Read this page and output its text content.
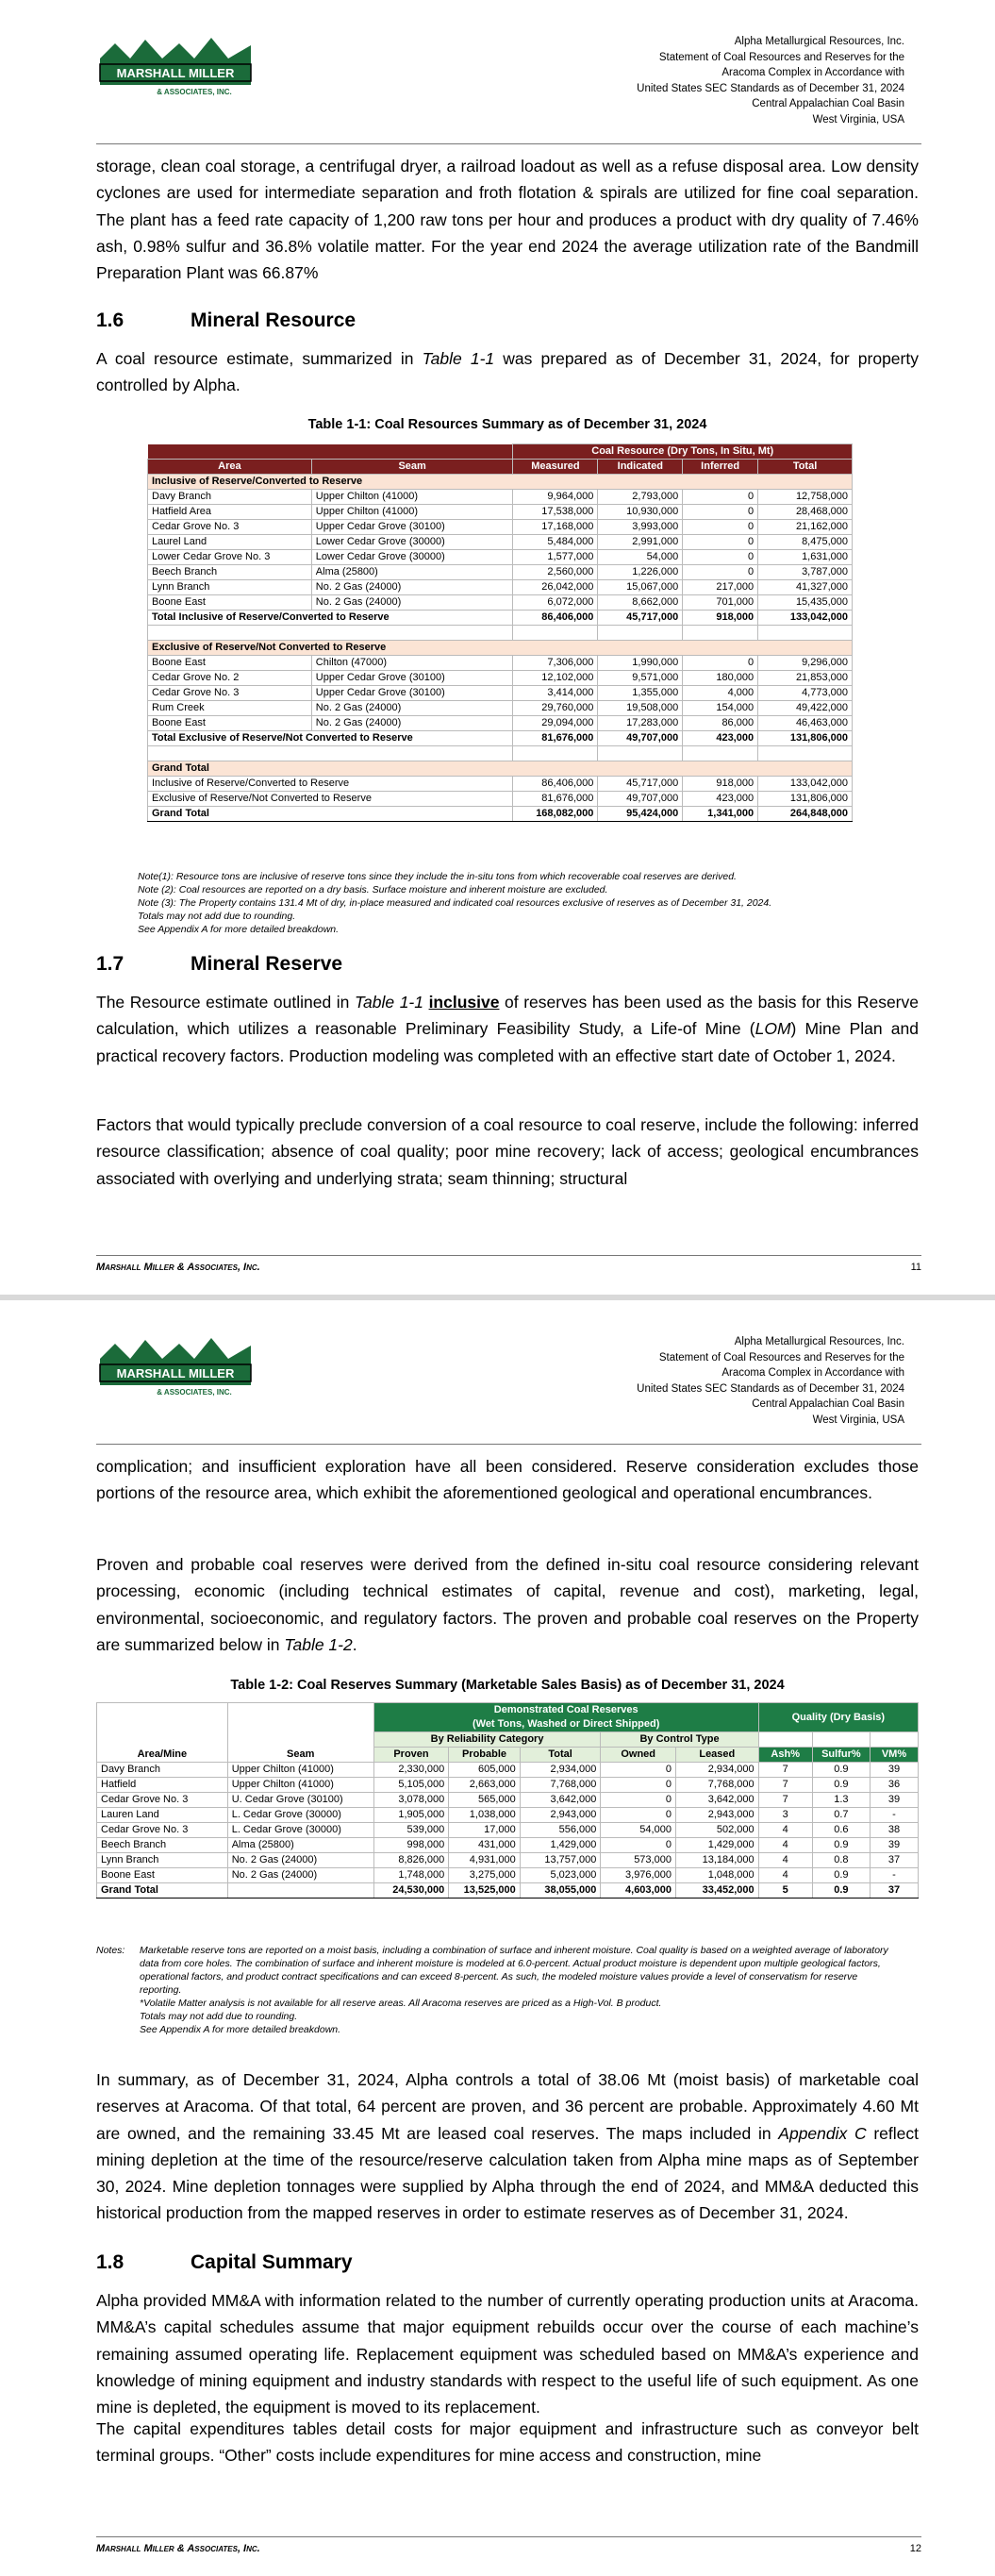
MARSHALL MILLER
& ASSOCIATES, INC.
Alpha Metallurgical Resources, Inc.
Statement of Coal Resources and Reserves for the
Aracoma Complex in Accordance with
United States SEC Standards as of December 31, 2024
Central Appalachian Coal Basin
West Virginia, USA

storage, clean coal storage, a centrifugal dryer, a railroad loadout as well as a refuse disposal area. Low density cyclones are used for intermediate separation and froth flotation & spirals are utilized for fine coal separation. The plant has a feed rate capacity of 1,200 raw tons per hour and produces a product with dry quality of 7.46% ash, 0.98% sulfur and 36.8% volatile matter. For the year end 2024 the average utilization rate of the Bandmill Preparation Plant was 66.87%

1.6	Mineral Resource

A coal resource estimate, summarized in Table 1-1 was prepared as of December 31, 2024, for property controlled by Alpha.

Table 1-1: Coal Resources Summary as of December 31, 2024
		Coal Resource (Dry Tons, In Situ, Mt)			
Area	Seam	Measured	Indicated	Inferred	Total
Inclusive of Reserve/Converted to Reserve					
Davy Branch	Upper Chilton (41000)	9,964,000	2,793,000	0	12,758,000
Hatfield Area	Upper Chilton (41000)	17,538,000	10,930,000	0	28,468,000
Cedar Grove No. 3	Upper Cedar Grove (30100)	17,168,000	3,993,000	0	21,162,000
Laurel Land	Lower Cedar Grove (30000)	5,484,000	2,991,000	0	8,475,000
Lower Cedar Grove No. 3	Lower Cedar Grove (30000)	1,577,000	54,000	0	1,631,000
Beech Branch	Alma (25800)	2,560,000	1,226,000	0	3,787,000
Lynn Branch	No. 2 Gas (24000)	26,042,000	15,067,000	217,000	41,327,000
Boone East	No. 2 Gas (24000)	6,072,000	8,662,000	701,000	15,435,000
Total Inclusive of Reserve/Converted to Reserve		86,406,000	45,717,000	918,000	133,042,000

Exclusive of Reserve/Not Converted to Reserve					
Boone East	Chilton (47000)	7,306,000	1,990,000	0	9,296,000
Cedar Grove No. 2	Upper Cedar Grove (30100)	12,102,000	9,571,000	180,000	21,853,000
Cedar Grove No. 3	Upper Cedar Grove (30100)	3,414,000	1,355,000	4,000	4,773,000
Rum Creek	No. 2 Gas (24000)	29,760,000	19,508,000	154,000	49,422,000
Boone East	No. 2 Gas (24000)	29,094,000	17,283,000	86,000	46,463,000
Total Exclusive of Reserve/Not Converted to Reserve		81,676,000	49,707,000	423,000	131,806,000

Grand Total					
Inclusive of Reserve/Converted to Reserve		86,406,000	45,717,000	918,000	133,042,000
Exclusive of Reserve/Not Converted to Reserve		81,676,000	49,707,000	423,000	131,806,000
Grand Total		168,082,000	95,424,000	1,341,000	264,848,000
Note(1): Resource tons are inclusive of reserve tons since they include the in-situ tons from which recoverable coal reserves are derived.
Note (2): Coal resources are reported on a dry basis. Surface moisture and inherent moisture are excluded.
Note (3): The Property contains 131.4 Mt of dry, in-place measured and indicated coal resources exclusive of reserves as of December 31, 2024.
Totals may not add due to rounding.
See Appendix A for more detailed breakdown.
1.7	Mineral Reserve

The Resource estimate outlined in Table 1-1 inclusive of reserves has been used as the basis for this Reserve calculation, which utilizes a reasonable Preliminary Feasibility Study, a Life-of Mine (LOM) Mine Plan and practical recovery factors. Production modeling was completed with an effective start date of October 1, 2024.

Factors that would typically preclude conversion of a coal resource to coal reserve, include the following: inferred resource classification; absence of coal quality; poor mine recovery; lack of access; geological encumbrances associated with overlying and underlying strata; seam thinning; structural

Marshall Miller & Associates, Inc.	11
MARSHALL MILLER
& ASSOCIATES, INC.
Alpha Metallurgical Resources, Inc.
Statement of Coal Resources and Reserves for the
Aracoma Complex in Accordance with
United States SEC Standards as of December 31, 2024
Central Appalachian Coal Basin
West Virginia, USA

complication; and insufficient exploration have all been considered. Reserve consideration excludes those portions of the resource area, which exhibit the aforementioned geological and operational encumbrances.

Proven and probable coal reserves were derived from the defined in-situ coal resource considering relevant processing, economic (including technical estimates of capital, revenue and cost), marketing, legal, environmental, socioeconomic, and regulatory factors. The proven and probable coal reserves on the Property are summarized below in Table 1-2.

Table 1-2: Coal Reserves Summary (Marketable Sales Basis) as of December 31, 2024
		Demonstrated Coal Reserves					Quality (Dry Basis)		
		(Wet Tons, Washed or Direct Shipped)							
		By Reliability Category			By Control Type				
Area/Mine	Seam	Proven	Probable	Total	Owned	Leased	Ash%	Sulfur%	VM%
Davy Branch	Upper Chilton (41000)	2,330,000	605,000	2,934,000	0	2,934,000	7	0.9	39
Hatfield	Upper Chilton (41000)	5,105,000	2,663,000	7,768,000	0	7,768,000	7	0.9	36
Cedar Grove No. 3	U. Cedar Grove (30100)	3,078,000	565,000	3,642,000	0	3,642,000	7	1.3	39
Lauren Land	L. Cedar Grove (30000)	1,905,000	1,038,000	2,943,000	0	2,943,000	3	0.7	-
Cedar Grove No. 3	L. Cedar Grove (30000)	539,000	17,000	556,000	54,000	502,000	4	0.6	38
Beech Branch	Alma (25800)	998,000	431,000	1,429,000	0	1,429,000	4	0.9	39
Lynn Branch	No. 2 Gas (24000)	8,826,000	4,931,000	13,757,000	573,000	13,184,000	4	0.8	37
Boone East	No. 2 Gas (24000)	1,748,000	3,275,000	5,023,000	3,976,000	1,048,000	4	0.9	-
Grand Total		24,530,000	13,525,000	38,055,000	4,603,000	33,452,000	5	0.9	37
Notes:	Marketable reserve tons are reported on a moist basis, including a combination of surface and inherent moisture. Coal quality is based on a weighted average of laboratory data from core holes. The combination of surface and inherent moisture is modeled at 6.0-percent. Actual product moisture is dependent upon multiple geological factors, operational factors, and product contract specifications and can exceed 8-percent. As such, the modeled moisture values provide a level of conservatism for reserve reporting.
*Volatile Matter analysis is not available for all reserve areas. All Aracoma reserves are priced as a High-Vol. B product.
Totals may not add due to rounding.
See Appendix A for more detailed breakdown.

In summary, as of December 31, 2024, Alpha controls a total of 38.06 Mt (moist basis) of marketable coal reserves at Aracoma. Of that total, 64 percent are proven, and 36 percent are probable. Approximately 4.60 Mt are owned, and the remaining 33.45 Mt are leased coal reserves. The maps included in Appendix C reflect mining depletion at the time of the resource/reserve calculation taken from Alpha mine maps as of September 30, 2024. Mine depletion tonnages were supplied by Alpha through the end of 2024, and MM&A deducted this historical production from the mapped reserves in order to estimate reserves as of December 31, 2024.

1.8	Capital Summary

Alpha provided MM&A with information related to the number of currently operating production units at Aracoma. MM&A’s capital schedules assume that major equipment rebuilds occur over the course of each machine’s remaining assumed operating life. Replacement equipment was scheduled based on MM&A’s experience and knowledge of mining equipment and industry standards with respect to the useful life of such equipment. As one mine is depleted, the equipment is moved to its replacement.

The capital expenditures tables detail costs for major equipment and infrastructure such as conveyor belt terminal groups. “Other” costs include expenditures for mine access and construction, mine

Marshall Miller & Associates, Inc.	12
